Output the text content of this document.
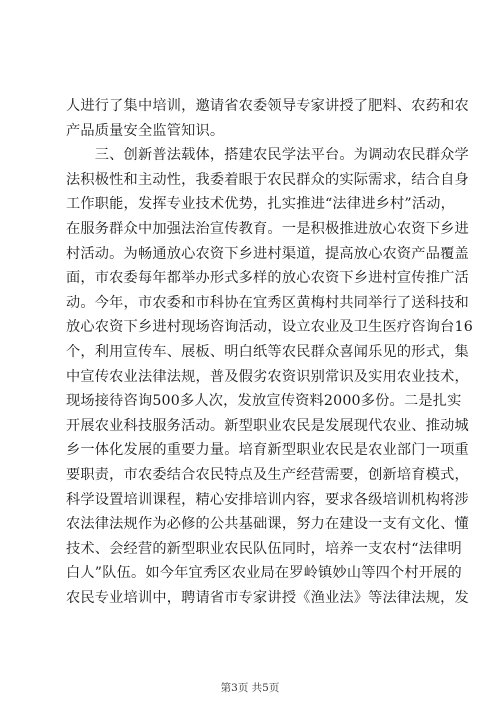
人进行了集中培训，邀请省农委领导专家讲授了肥料、农药和农
产品质量安全监管知识。
　　三、创新普法载体，搭建农民学法平台。为调动农民群众学
法积极性和主动性，我委着眼于农民群众的实际需求，结合自身
工作职能，发挥专业技术优势，扎实推进“法律进乡村”活动，
在服务群众中加强法治宣传教育。一是积极推进放心农资下乡进
村活动。为畅通放心农资下乡进村渠道，提高放心农资产品覆盖
面，市农委每年都举办形式多样的放心农资下乡进村宣传推广活
动。今年，市农委和市科协在宜秀区黄梅村共同举行了送科技和
放心农资下乡进村现场咨询活动，设立农业及卫生医疗咨询台16
个，利用宣传车、展板、明白纸等农民群众喜闻乐见的形式，集
中宣传农业法律法规，普及假劣农资识别常识及实用农业技术，
现场接待咨询500多人次，发放宣传资料2000多份。二是扎实
开展农业科技服务活动。新型职业农民是发展现代农业、推动城
乡一体化发展的重要力量。培育新型职业农民是农业部门一项重
要职责，市农委结合农民特点及生产经营需要，创新培育模式，
科学设置培训课程，精心安排培训内容，要求各级培训机构将涉
农法律法规作为必修的公共基础课，努力在建设一支有文化、懂
技术、会经营的新型职业农民队伍同时，培养一支农村“法律明
白人”队伍。如今年宜秀区农业局在罗岭镇妙山等四个村开展的
农民专业培训中，聘请省市专家讲授《渔业法》等法律法规，发
第3页 共5页
